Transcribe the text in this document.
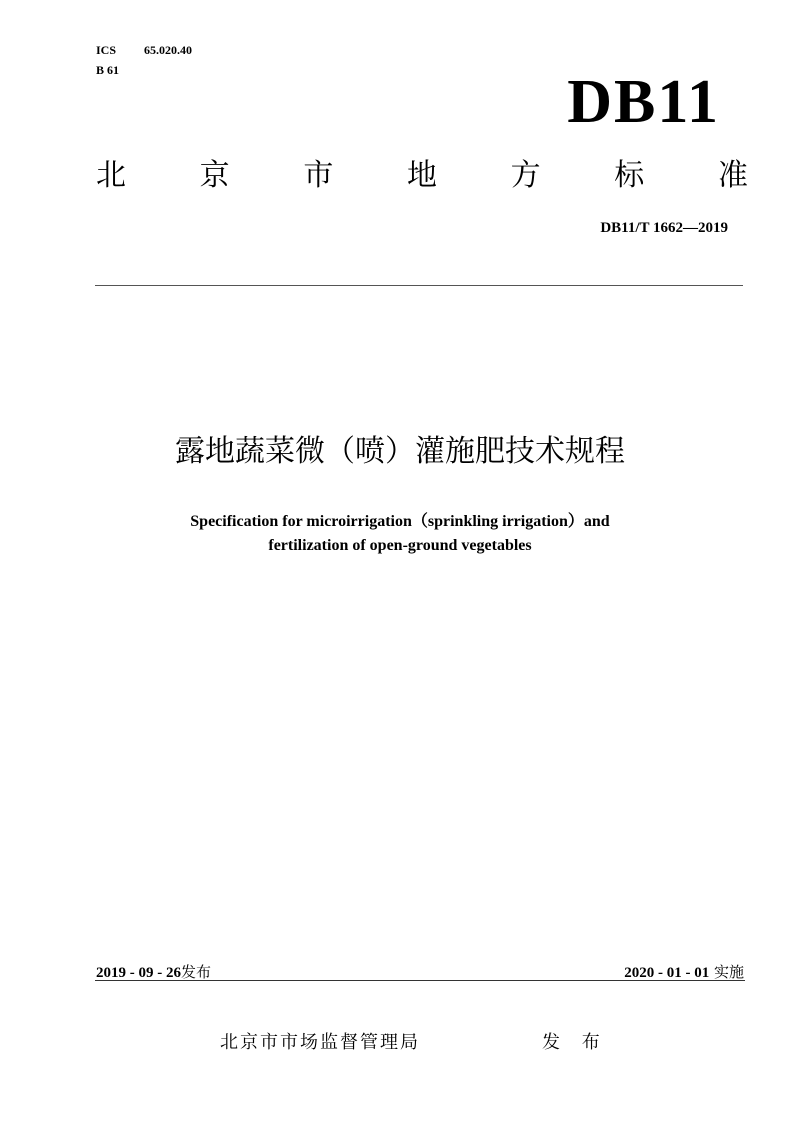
ICS 65.020.40
B 61	DB11
北 京 市 地 方 标 准
DB11/T 1662—2019
露地蔬菜微（喷）灌施肥技术规程
Specification for microirrigation（sprinkling irrigation）and
fertilization of open-ground vegetables
2019 - 09 - 26发布	2020 - 01 - 01 实施
北京市市场监督管理局	发 布
